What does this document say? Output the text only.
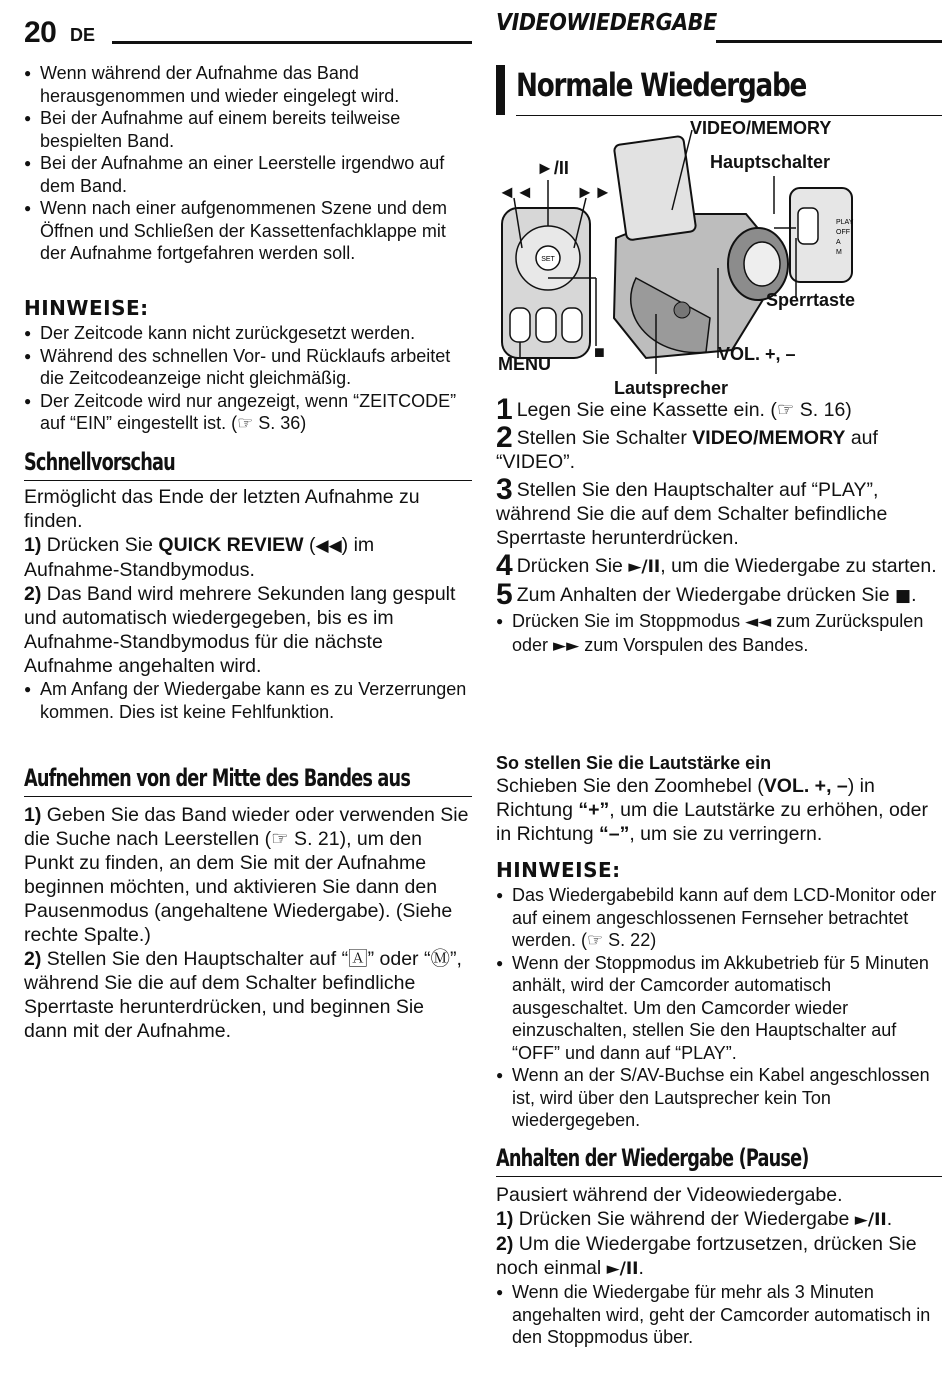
20 DE	VIDEOWIEDERGABE
● Wenn während der Aufnahme das Band herausgenommen und wieder eingelegt wird.
● Bei der Aufnahme auf einem bereits teilweise bespielten Band.
● Bei der Aufnahme an einer Leerstelle irgendwo auf dem Band.
● Wenn nach einer aufgenommenen Szene und dem Öffnen und Schließen der Kassettenfachklappe mit der Aufnahme fortgefahren werden soll.
HINWEISE:
● Der Zeitcode kann nicht zurückgesetzt werden.
● Während des schnellen Vor- und Rücklaufs arbeitet die Zeitcodeanzeige nicht gleichmäßig.
● Der Zeitcode wird nur angezeigt, wenn “ZEITCODE” auf “EIN” eingestellt ist. (☞ S. 36)
Schnellvorschau
Ermöglicht das Ende der letzten Aufnahme zu finden.
1) Drücken Sie QUICK REVIEW (◀◀) im Aufnahme-Standbymodus.
2) Das Band wird mehrere Sekunden lang gespult und automatisch wiedergegeben, bis es im Aufnahme-Standbymodus für die nächste Aufnahme angehalten wird.
● Am Anfang der Wiedergabe kann es zu Verzerrungen kommen. Dies ist keine Fehlfunktion.
Aufnehmen von der Mitte des Bandes aus
1) Geben Sie das Band wieder oder verwenden Sie die Suche nach Leerstellen (☞ S. 21), um den Punkt zu finden, an dem Sie mit der Aufnahme beginnen möchten, und aktivieren Sie dann den Pausenmodus (angehaltene Wiedergabe). (Siehe rechte Spalte.)
2) Stellen Sie den Hauptschalter auf “🄰” oder “Ⓜ”, während Sie die auf dem Schalter befindliche Sperrtaste herunterdrücken, und beginnen Sie dann mit der Aufnahme.
Normale Wiedergabe
SET
PLAY
OFF
A
M
VIDEO/MEMORY
►/II	Hauptschalter
◄◄ ►►
Sperrtaste
MENU
■	VOL. +, –
Lautsprecher
1 Legen Sie eine Kassette ein. (☞ S. 16)
2 Stellen Sie Schalter VIDEO/MEMORY auf “VIDEO”.
3 Stellen Sie den Hauptschalter auf “PLAY”, während Sie die auf dem Schalter befindliche Sperrtaste herunterdrücken.
4 Drücken Sie ►/II, um die Wiedergabe zu starten.
5 Zum Anhalten der Wiedergabe drücken Sie ■.
● Drücken Sie im Stoppmodus ◄◄ zum Zurückspulen oder ►► zum Vorspulen des Bandes.
So stellen Sie die Lautstärke ein
Schieben Sie den Zoomhebel (VOL. +, –) in Richtung “+”, um die Lautstärke zu erhöhen, oder in Richtung “–”, um sie zu verringern.
HINWEISE:
● Das Wiedergabebild kann auf dem LCD-Monitor oder auf einem angeschlossenen Fernseher betrachtet werden. (☞ S. 22)
● Wenn der Stoppmodus im Akkubetrieb für 5 Minuten anhält, wird der Camcorder automatisch ausgeschaltet. Um den Camcorder wieder einzuschalten, stellen Sie den Hauptschalter auf “OFF” und dann auf “PLAY”.
● Wenn an der S/AV-Buchse ein Kabel angeschlossen ist, wird über den Lautsprecher kein Ton wiedergegeben.
Anhalten der Wiedergabe (Pause)
Pausiert während der Videowiedergabe.
1) Drücken Sie während der Wiedergabe ►/II.
2) Um die Wiedergabe fortzusetzen, drücken Sie noch einmal ►/II.
● Wenn die Wiedergabe für mehr als 3 Minuten angehalten wird, geht der Camcorder automatisch in den Stoppmodus über.
